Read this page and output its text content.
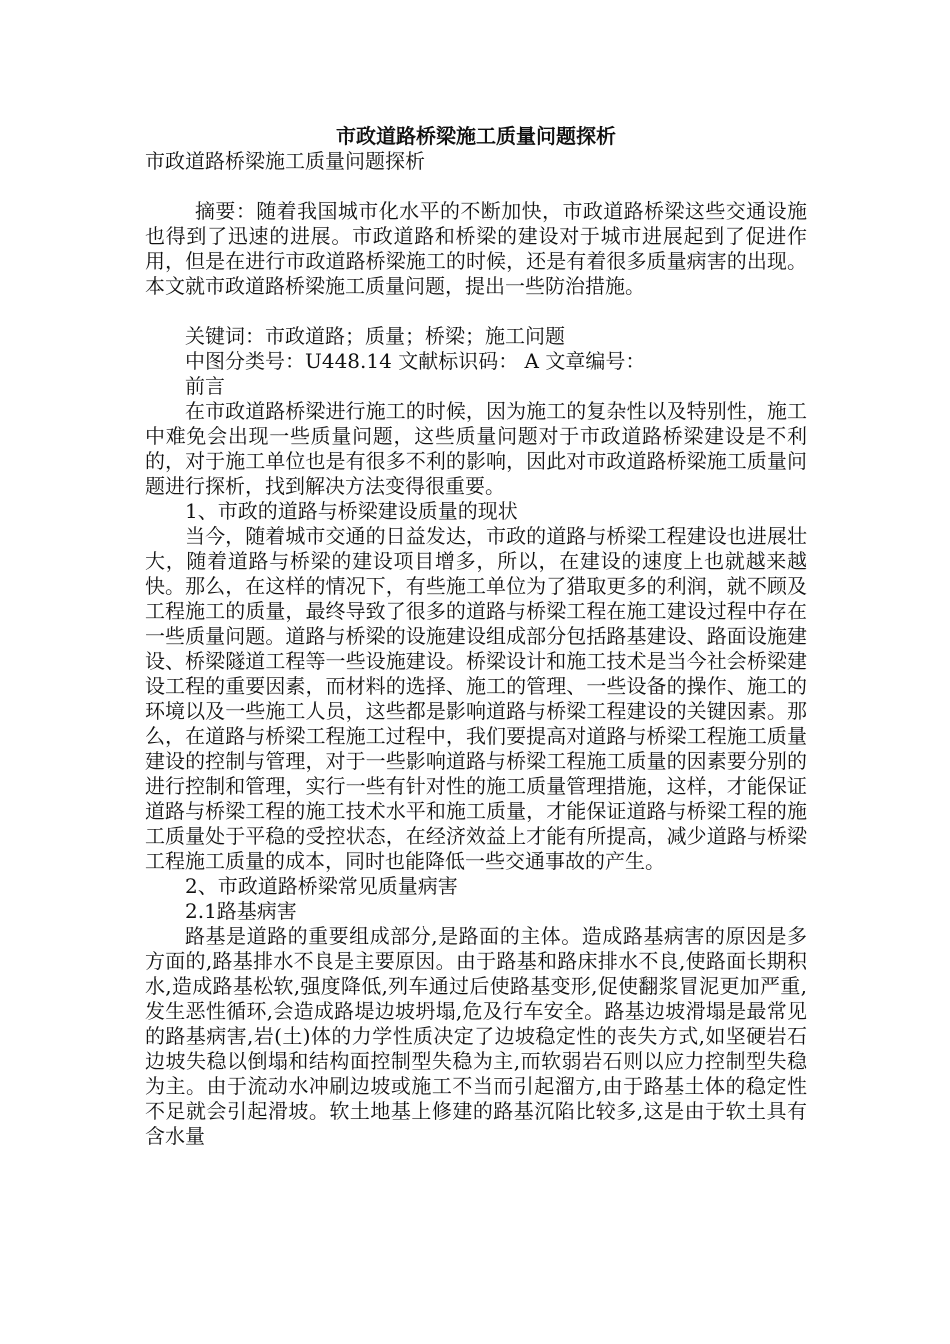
市政道路桥梁施工质量问题探析

市政道路桥梁施工质量问题探析

摘要：随着我国城市化水平的不断加快，市政道路桥梁这些交通设施也得到了迅速的进展。市政道路和桥梁的建设对于城市进展起到了促进作用，但是在进行市政道路桥梁施工的时候，还是有着很多质量病害的出现。本文就市政道路桥梁施工质量问题，提出一些防治措施。

关键词：市政道路；质量；桥梁；施工问题

中图分类号：U448.14 文献标识码： A 文章编号：

前言

在市政道路桥梁进行施工的时候，因为施工的复杂性以及特别性，施工中难免会出现一些质量问题，这些质量问题对于市政道路桥梁建设是不利的，对于施工单位也是有很多不利的影响，因此对市政道路桥梁施工质量问题进行探析，找到解决方法变得很重要。

1、市政的道路与桥梁建设质量的现状

当今，随着城市交通的日益发达，市政的道路与桥梁工程建设也进展壮大，随着道路与桥梁的建设项目增多，所以，在建设的速度上也就越来越快。那么，在这样的情况下，有些施工单位为了猎取更多的利润，就不顾及工程施工的质量，最终导致了很多的道路与桥梁工程在施工建设过程中存在一些质量问题。道路与桥梁的设施建设组成部分包括路基建设、路面设施建设、桥梁隧道工程等一些设施建设。桥梁设计和施工技术是当今社会桥梁建设工程的重要因素，而材料的选择、施工的管理、一些设备的操作、施工的环境以及一些施工人员，这些都是影响道路与桥梁工程建设的关键因素。那么，在道路与桥梁工程施工过程中，我们要提高对道路与桥梁工程施工质量建设的控制与管理，对于一些影响道路与桥梁工程施工质量的因素要分别的进行控制和管理，实行一些有针对性的施工质量管理措施，这样，才能保证道路与桥梁工程的施工技术水平和施工质量，才能保证道路与桥梁工程的施工质量处于平稳的受控状态，在经济效益上才能有所提高，减少道路与桥梁工程施工质量的成本，同时也能降低一些交通事故的产生。

2、市政道路桥梁常见质量病害

2.1路基病害

路基是道路的重要组成部分,是路面的主体。造成路基病害的原因是多方面的,路基排水不良是主要原因。由于路基和路床排水不良,使路面长期积水,造成路基松软,强度降低,列车通过后使路基变形,促使翻浆冒泥更加严重,发生恶性循环,会造成路堤边坡坍塌,危及行车安全。路基边坡滑塌是最常见的路基病害,岩(土)体的力学性质决定了边坡稳定性的丧失方式,如坚硬岩石边坡失稳以倒塌和结构面控制型失稳为主,而软弱岩石则以应力控制型失稳为主。由于流动水冲刷边坡或施工不当而引起溜方,由于路基土体的稳定性不足就会引起滑坡。软土地基上修建的路基沉陷比较多,这是由于软土具有含水量
